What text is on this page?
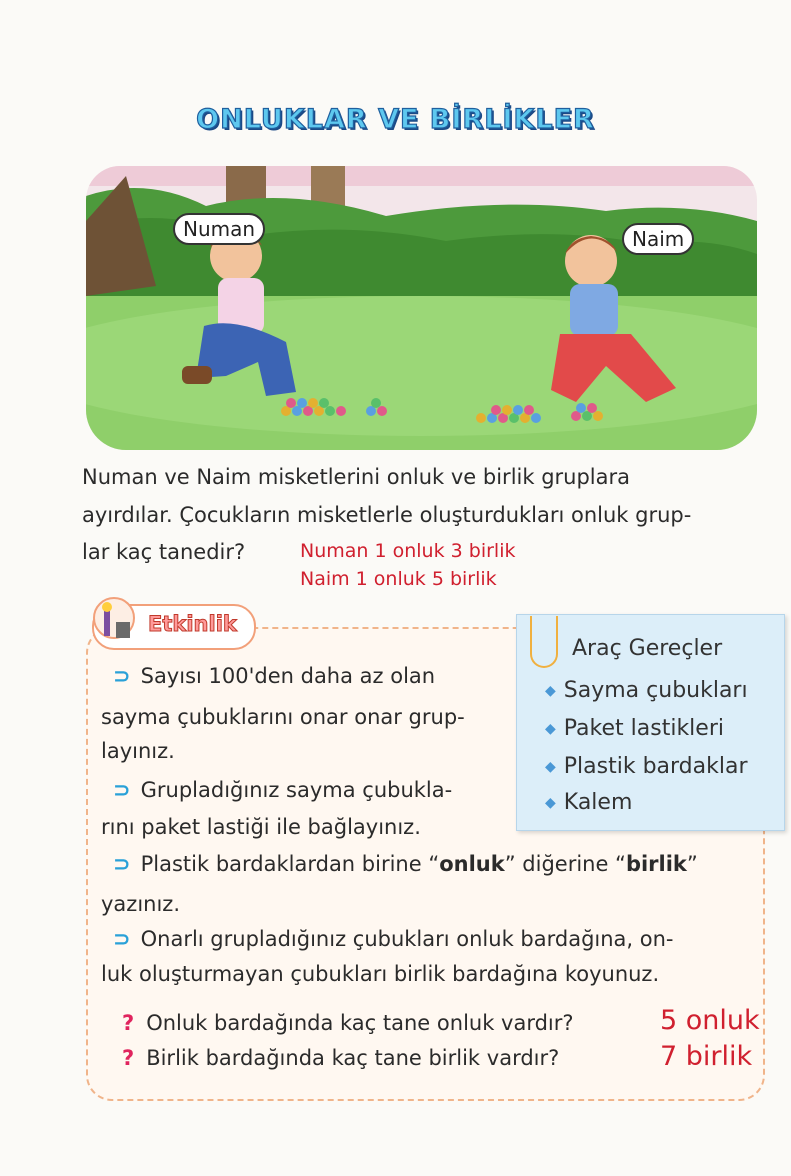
ONLUKLAR VE BİRLİKLER
Numan	Naim

Numan ve Naim misketlerini onluk ve birlik gruplara

ayırdılar. Çocukların misketlerle oluşturdukları onluk grup-

lar kaç tanedir?	Numan 1 onluk 3 birlik
Naim 1 onluk 5 birlik
Etkinlik
Araç Gereçler
◆ Sayma çubukları
◆ Paket lastikleri
◆ Plastik bardaklar
◆ Kalem
⊃ Sayısı 100'den daha az olan
sayma çubuklarını onar onar grup-
layınız.
⊃ Grupladığınız sayma çubukla-
rını paket lastiği ile bağlayınız.
⊃ Plastik bardaklardan birine “onluk” diğerine “birlik”
yazınız.
⊃ Onarlı grupladığınız çubukları onluk bardağına, on-
luk oluşturmayan çubukları birlik bardağına koyunuz.
? Onluk bardağında kaç tane onluk vardır?	5 onluk
? Birlik bardağında kaç tane birlik vardır?	7 birlik
